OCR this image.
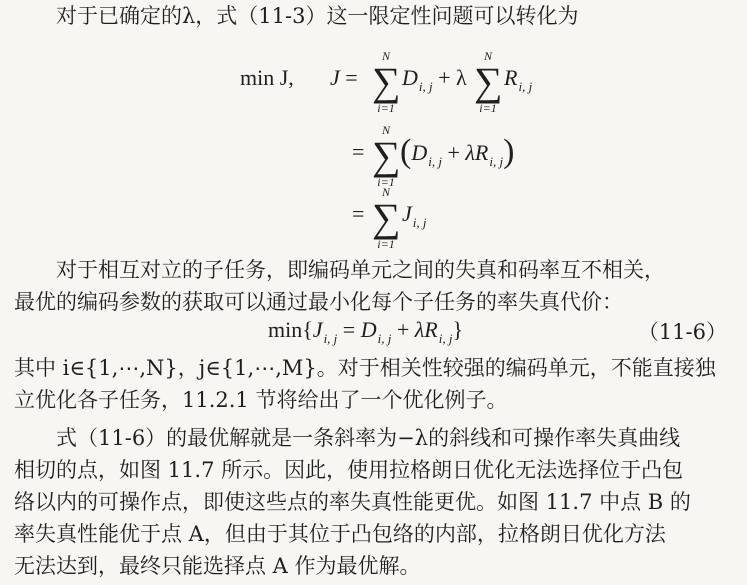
对于已确定的λ，式（11-3）这一限定性问题可以转化为
min J, J =
N
∑
i=1
$D_{i, j} + \lambda$
N
∑
i=1
$R_{i, j}$
=
N
∑
i=1
$(D_{i, j} + \lambda R_{i, j})$
=
N
∑
i=1
$J_{i, j}$
对于相互对立的子任务，即编码单元之间的失真和码率互不相关，
最优的编码参数的获取可以通过最小化每个子任务的率失真代价：
$\min\{J_{i, j} = D_{i, j} + \lambda R_{i, j}\}$	（11-6）
其中 i∈{1,⋯,N}，j∈{1,⋯,M}。对于相关性较强的编码单元，不能直接独
立优化各子任务，11.2.1 节将给出了一个优化例子。
式（11-6）的最优解就是一条斜率为−λ的斜线和可操作率失真曲线
相切的点，如图 11.7 所示。因此，使用拉格朗日优化无法选择位于凸包
络以内的可操作点，即使这些点的率失真性能更优。如图 11.7 中点 B 的
率失真性能优于点 A，但由于其位于凸包络的内部，拉格朗日优化方法
无法达到，最终只能选择点 A 作为最优解。
